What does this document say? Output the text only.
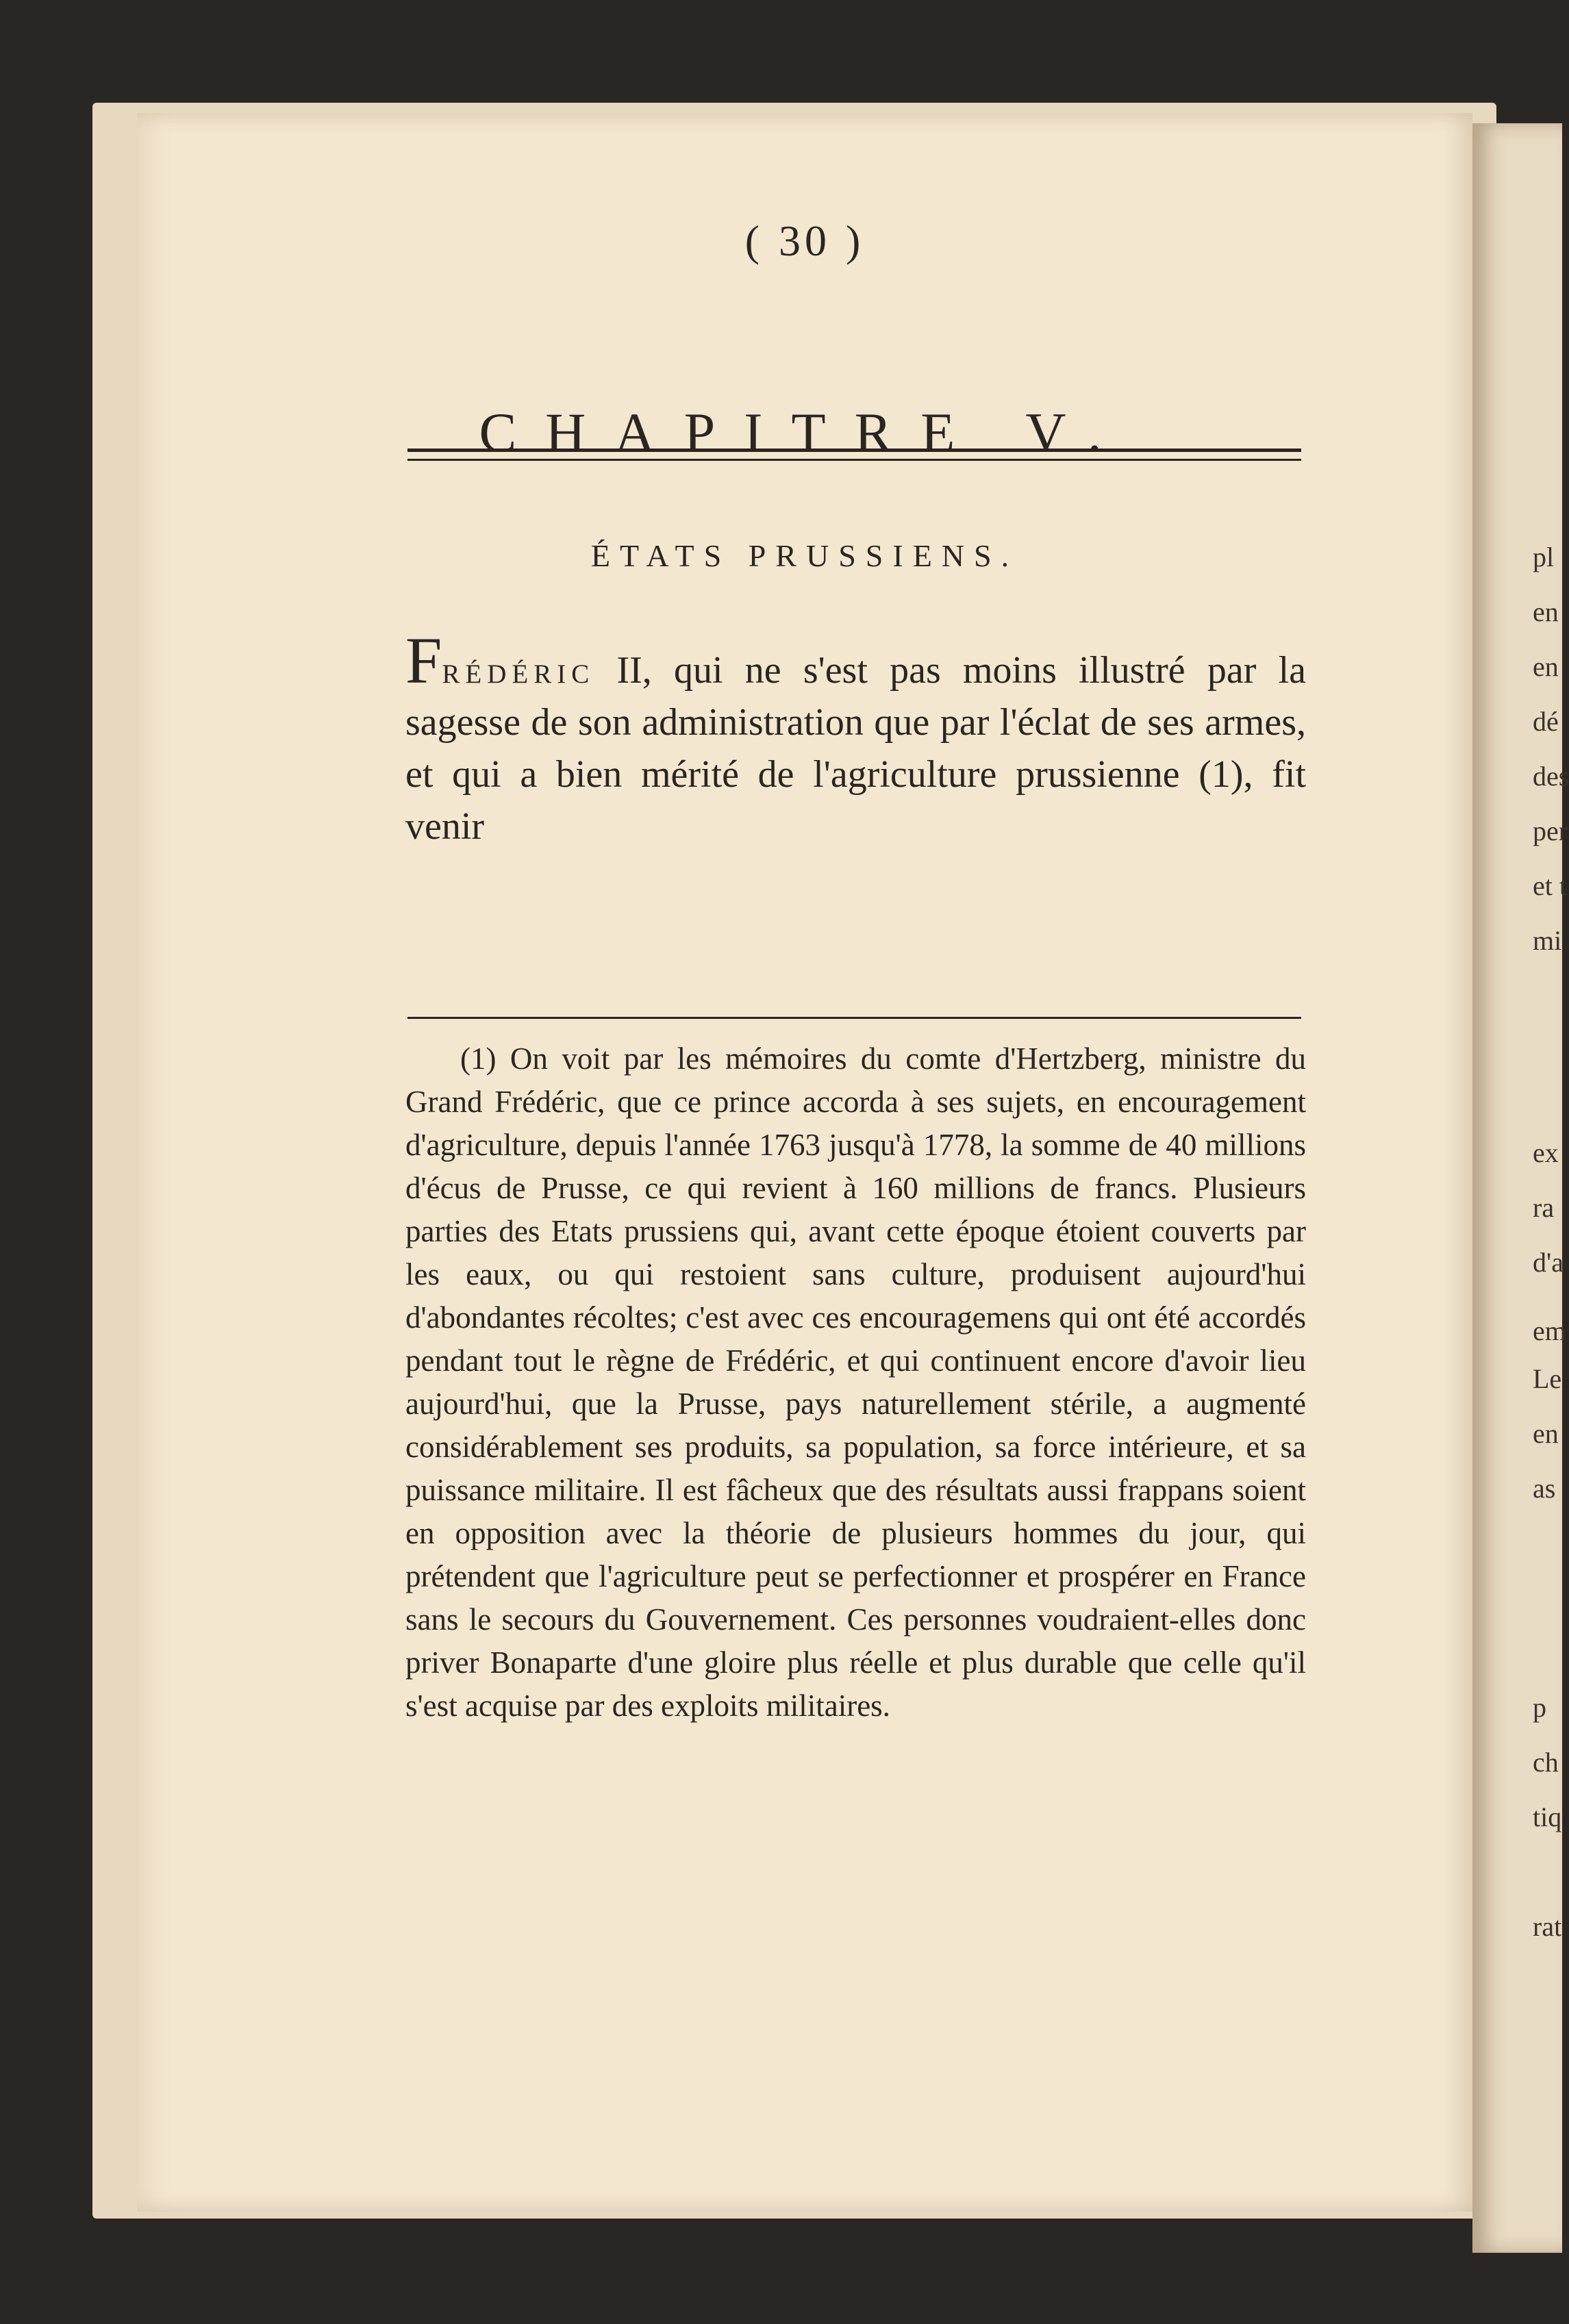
( 30 )
CHAPITRE V.
ÉTATS PRUSSIENS.
Frédéric II, qui ne s'est pas moins illustré par la sagesse de son administration que par l'éclat de ses armes, et qui a bien mérité de l'agriculture prussienne (1), fit venir
(1) On voit par les mémoires du comte d'Hertzberg, ministre du Grand Frédéric, que ce prince accorda à ses sujets, en encouragement d'agriculture, depuis l'année 1763 jusqu'à 1778, la somme de 40 millions d'écus de Prusse, ce qui revient à 160 millions de francs. Plusieurs parties des Etats prussiens qui, avant cette époque étoient couverts par les eaux, ou qui restoient sans culture, produisent aujourd'hui d'abondantes récoltes; c'est avec ces encouragemens qui ont été accordés pendant tout le règne de Frédéric, et qui continuent encore d'avoir lieu aujourd'hui, que la Prusse, pays naturellement stérile, a augmenté considérablement ses produits, sa population, sa force intérieure, et sa puissance militaire. Il est fâcheux que des résultats aussi frappans soient en opposition avec la théorie de plusieurs hommes du jour, qui prétendent que l'agriculture peut se perfectionner et prospérer en France sans le secours du Gouvernement. Ces personnes voudraient-elles donc priver Bonaparte d'une gloire plus réelle et plus durable que celle qu'il s'est acquise par des exploits militaires.
pl
en
en
dé
des
per
et t
mi
ex
ra
d'a
em
Le
en
as
p
ch
tiq
rat
